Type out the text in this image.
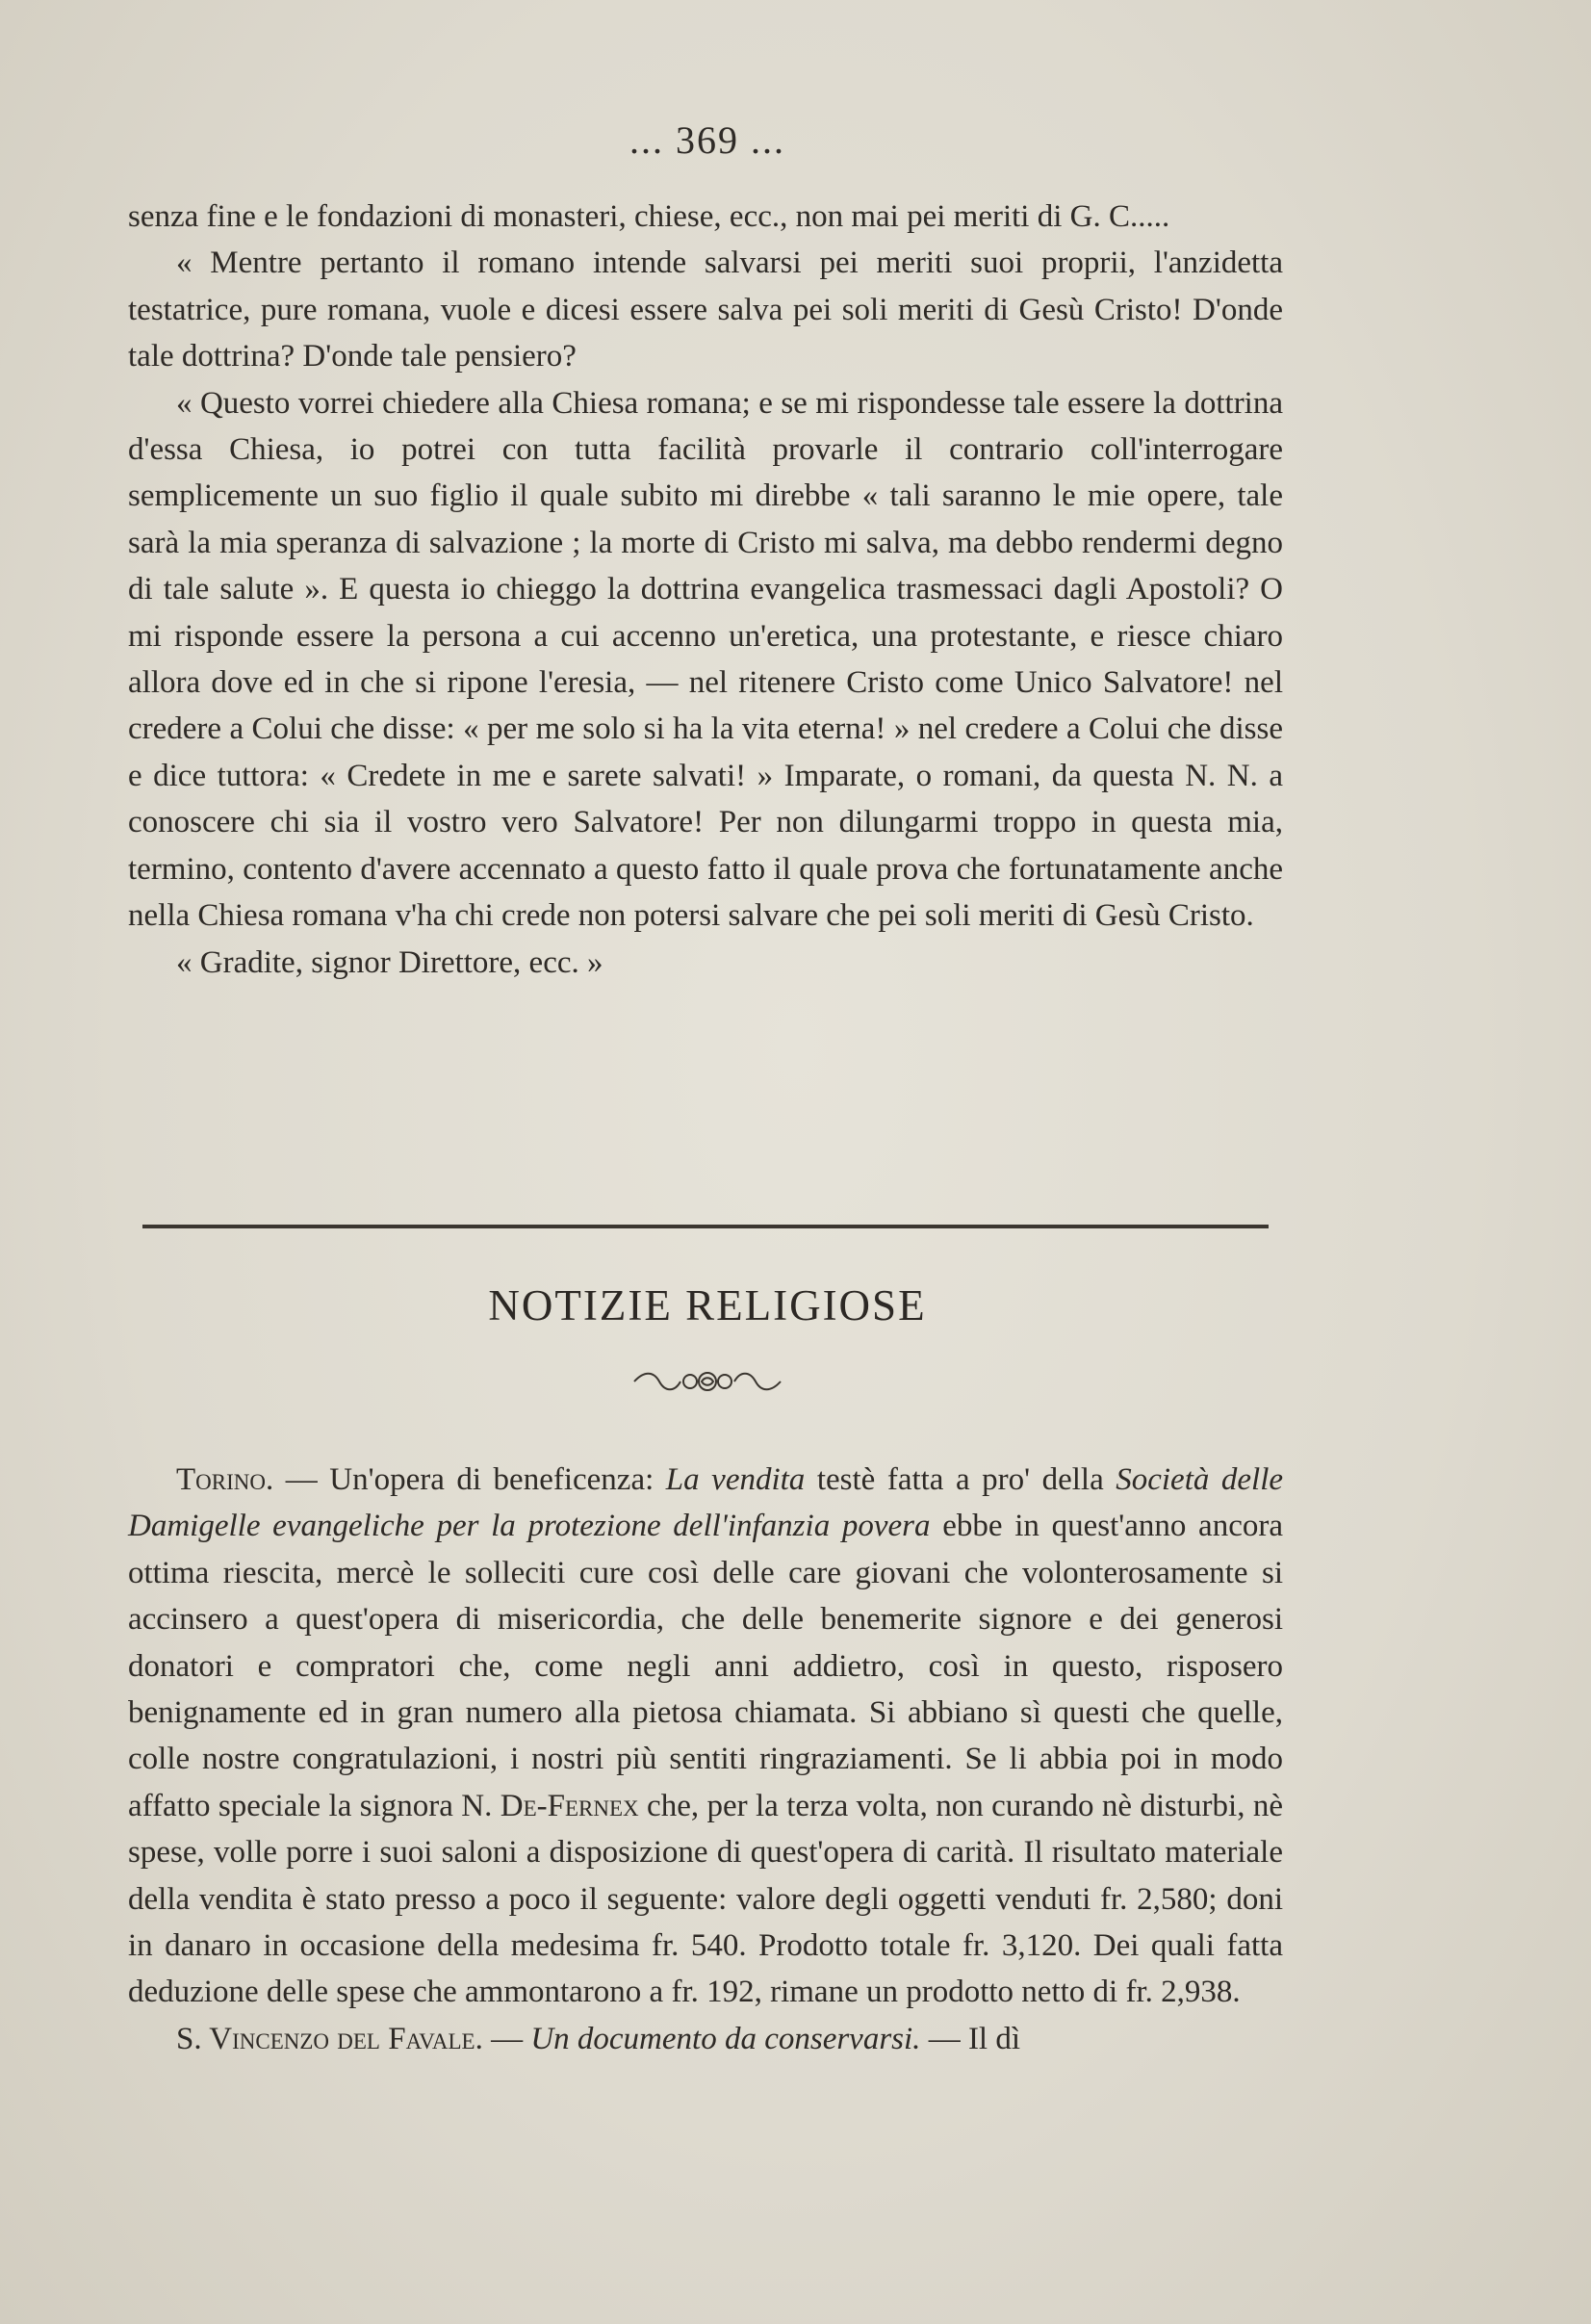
... 369 ...

senza fine e le fondazioni di monasteri, chiese, ecc., non mai pei meriti di G. C.....

« Mentre pertanto il romano intende salvarsi pei meriti suoi proprii, l'anzidetta testatrice, pure romana, vuole e dicesi essere salva pei soli meriti di Gesù Cristo! D'onde tale dottrina? D'onde tale pensiero?

« Questo vorrei chiedere alla Chiesa romana; e se mi rispondesse tale essere la dottrina d'essa Chiesa, io potrei con tutta facilità provarle il contrario coll'interrogare semplicemente un suo figlio il quale subito mi direbbe « tali saranno le mie opere, tale sarà la mia speranza di salvazione ; la morte di Cristo mi salva, ma debbo rendermi degno di tale salute ». E questa io chieggo la dottrina evangelica trasmessaci dagli Apostoli? O mi risponde essere la persona a cui accenno un'eretica, una protestante, e riesce chiaro allora dove ed in che si ripone l'eresia, — nel ritenere Cristo come Unico Salvatore! nel credere a Colui che disse: « per me solo si ha la vita eterna! » nel credere a Colui che disse e dice tuttora: « Credete in me e sarete salvati! » Imparate, o romani, da questa N. N. a conoscere chi sia il vostro vero Salvatore! Per non dilungarmi troppo in questa mia, termino, contento d'avere accennato a questo fatto il quale prova che fortunatamente anche nella Chiesa romana v'ha chi crede non potersi salvare che pei soli meriti di Gesù Cristo.

« Gradite, signor Direttore, ecc. »

NOTIZIE RELIGIOSE

Torino. — Un'opera di beneficenza: La vendita testè fatta a pro' della Società delle Damigelle evangeliche per la protezione dell'infanzia povera ebbe in quest'anno ancora ottima riescita, mercè le solleciti cure così delle care giovani che volonterosamente si accinsero a quest'opera di misericordia, che delle benemerite signore e dei generosi donatori e compratori che, come negli anni addietro, così in questo, risposero benignamente ed in gran numero alla pietosa chiamata. Si abbiano sì questi che quelle, colle nostre congratulazioni, i nostri più sentiti ringraziamenti. Se li abbia poi in modo affatto speciale la signora N. De-Fernex che, per la terza volta, non curando nè disturbi, nè spese, volle porre i suoi saloni a disposizione di quest'opera di carità. Il risultato materiale della vendita è stato presso a poco il seguente: valore degli oggetti venduti fr. 2,580; doni in danaro in occasione della medesima fr. 540. Prodotto totale fr. 3,120. Dei quali fatta deduzione delle spese che ammontarono a fr. 192, rimane un prodotto netto di fr. 2,938.

S. Vincenzo del Favale. — Un documento da conservarsi. — Il dì
